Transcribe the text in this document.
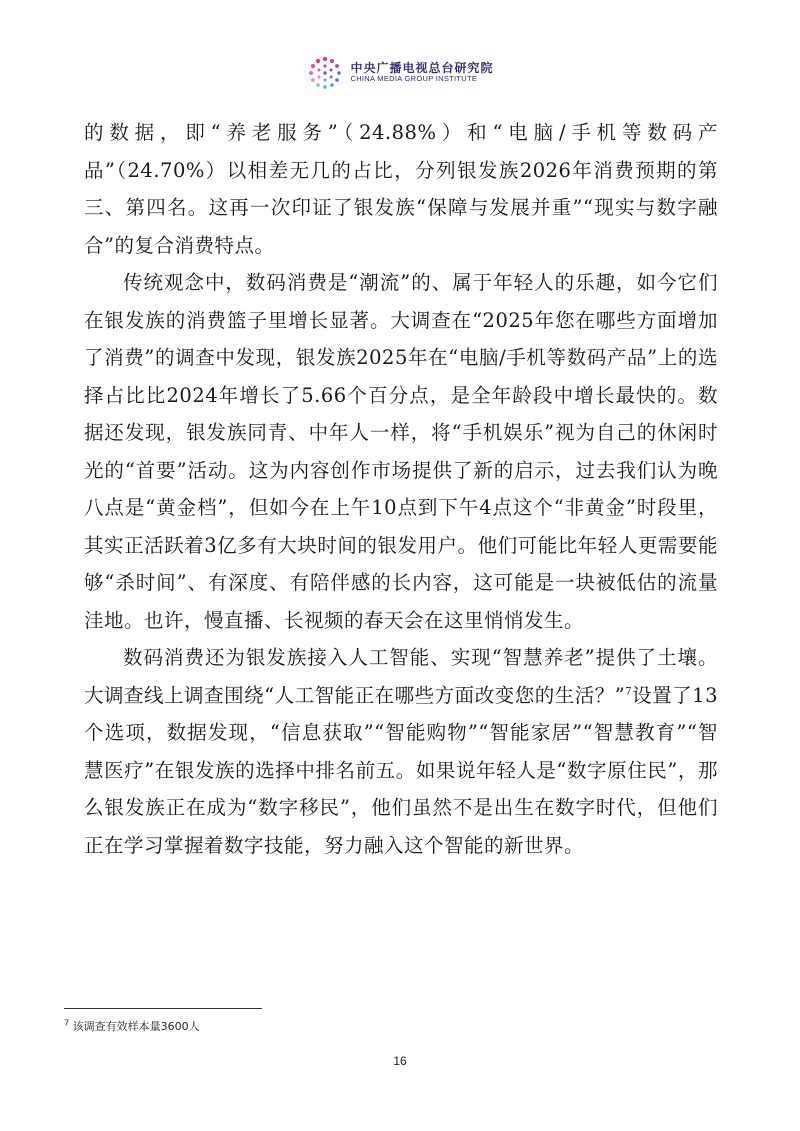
中央广播电视总台研究院
CHINA MEDIA GROUP INSTITUTE

的数据，即“养老服务”（24.88%）和“电脑/手机等数码产品”（24.70%）以相差无几的占比，分列银发族2026年消费预期的第三、第四名。这再一次印证了银发族“保障与发展并重”“现实与数字融合”的复合消费特点。

传统观念中，数码消费是“潮流”的、属于年轻人的乐趣，如今它们在银发族的消费篮子里增长显著。大调查在“2025年您在哪些方面增加了消费”的调查中发现，银发族2025年在“电脑/手机等数码产品”上的选择占比比2024年增长了5.66个百分点，是全年龄段中增长最快的。数据还发现，银发族同青、中年人一样，将“手机娱乐”视为自己的休闲时光的“首要”活动。这为内容创作市场提供了新的启示，过去我们认为晚八点是“黄金档”，但如今在上午10点到下午4点这个“非黄金”时段里，其实正活跃着3亿多有大块时间的银发用户。他们可能比年轻人更需要能够“杀时间”、有深度、有陪伴感的长内容，这可能是一块被低估的流量洼地。也许，慢直播、长视频的春天会在这里悄悄发生。

数码消费还为银发族接入人工智能、实现“智慧养老”提供了土壤。大调查线上调查围绕“人工智能正在哪些方面改变您的生活？”$^7$设置了13个选项，数据发现，“信息获取”“智能购物”“智能家居”“智慧教育”“智慧医疗”在银发族的选择中排名前五。如果说年轻人是“数字原住民”，那么银发族正在成为“数字移民”，他们虽然不是出生在数字时代，但他们正在学习掌握着数字技能，努力融入这个智能的新世界。

$^7$ 该调查有效样本量3600人
16
